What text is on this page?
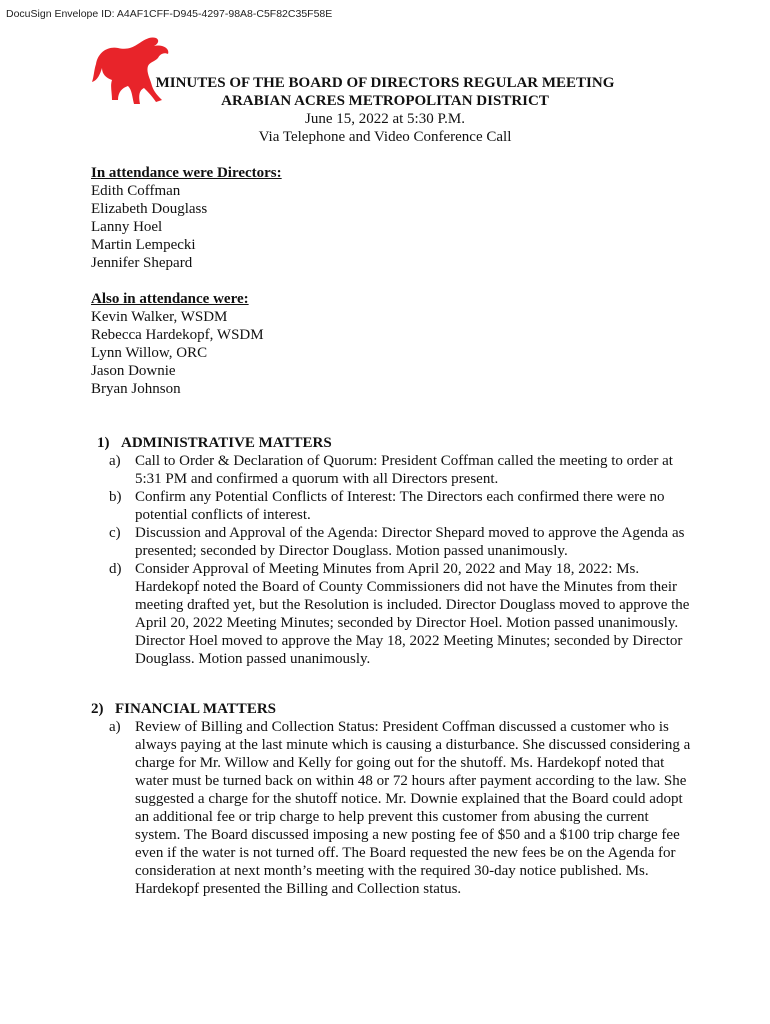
DocuSign Envelope ID: A4AF1CFF-D945-4297-98A8-C5F82C35F58E
MINUTES OF THE BOARD OF DIRECTORS REGULAR MEETING
ARABIAN ACRES METROPOLITAN DISTRICT
June 15, 2022 at 5:30 P.M.
Via Telephone and Video Conference Call
In attendance were Directors:
Edith Coffman
Elizabeth Douglass
Lanny Hoel
Martin Lempecki
Jennifer Shepard
Also in attendance were:
Kevin Walker, WSDM
Rebecca Hardekopf, WSDM
Lynn Willow, ORC
Jason Downie
Bryan Johnson
1) ADMINISTRATIVE MATTERS
a) Call to Order & Declaration of Quorum: President Coffman called the meeting to order at 5:31 PM and confirmed a quorum with all Directors present.
b) Confirm any Potential Conflicts of Interest: The Directors each confirmed there were no potential conflicts of interest.
c) Discussion and Approval of the Agenda: Director Shepard moved to approve the Agenda as presented; seconded by Director Douglass. Motion passed unanimously.
d) Consider Approval of Meeting Minutes from April 20, 2022 and May 18, 2022: Ms. Hardekopf noted the Board of County Commissioners did not have the Minutes from their meeting drafted yet, but the Resolution is included. Director Douglass moved to approve the April 20, 2022 Meeting Minutes; seconded by Director Hoel. Motion passed unanimously. Director Hoel moved to approve the May 18, 2022 Meeting Minutes; seconded by Director Douglass. Motion passed unanimously.
2) FINANCIAL MATTERS
a) Review of Billing and Collection Status: President Coffman discussed a customer who is always paying at the last minute which is causing a disturbance. She discussed considering a charge for Mr. Willow and Kelly for going out for the shutoff. Ms. Hardekopf noted that water must be turned back on within 48 or 72 hours after payment according to the law. She suggested a charge for the shutoff notice. Mr. Downie explained that the Board could adopt an additional fee or trip charge to help prevent this customer from abusing the current system. The Board discussed imposing a new posting fee of $50 and a $100 trip charge fee even if the water is not turned off. The Board requested the new fees be on the Agenda for consideration at next month’s meeting with the required 30-day notice published. Ms. Hardekopf presented the Billing and Collection status.
